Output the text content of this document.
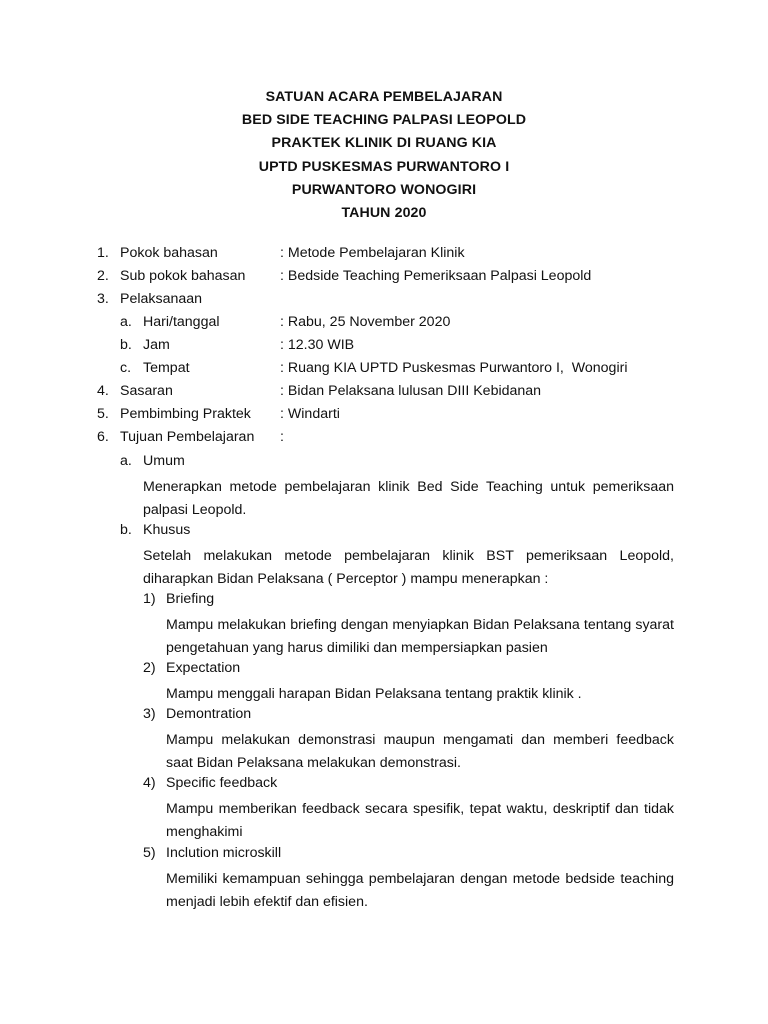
SATUAN ACARA PEMBELAJARAN
BED SIDE TEACHING PALPASI LEOPOLD
PRAKTEK KLINIK DI RUANG KIA
UPTD PUSKESMAS PURWANTORO I
PURWANTORO WONOGIRI
TAHUN 2020
1. Pokok bahasan	: Metode Pembelajaran Klinik
2. Sub pokok bahasan : Bedside Teaching Pemeriksaan Palpasi Leopold
3. Pelaksanaan
a. Hari/tanggal	: Rabu, 25 November 2020
b. Jam	: 12.30 WIB
c. Tempat	: Ruang KIA UPTD Puskesmas Purwantoro I,  Wonogiri
4. Sasaran	: Bidan Pelaksana lulusan DIII Kebidanan
5. Pembimbing Praktek : Windarti
6. Tujuan Pembelajaran :
a. Umum
Menerapkan metode pembelajaran klinik Bed Side Teaching untuk pemeriksaan
palpasi Leopold.
b. Khusus
Setelah melakukan metode pembelajaran klinik BST pemeriksaan Leopold,
diharapkan Bidan Pelaksana ( Perceptor ) mampu menerapkan :
1) Briefing
Mampu melakukan briefing dengan menyiapkan Bidan Pelaksana tentang syarat
pengetahuan yang harus dimiliki dan mempersiapkan pasien
2) Expectation
Mampu menggali harapan Bidan Pelaksana tentang praktik klinik .
3) Demontration
Mampu melakukan demonstrasi maupun mengamati dan memberi feedback
saat Bidan Pelaksana melakukan demonstrasi.
4) Specific feedback
Mampu memberikan feedback secara spesifik, tepat waktu, deskriptif dan tidak
menghakimi
5) Inclution microskill
Memiliki kemampuan sehingga pembelajaran dengan metode bedside teaching
menjadi lebih efektif dan efisien.
